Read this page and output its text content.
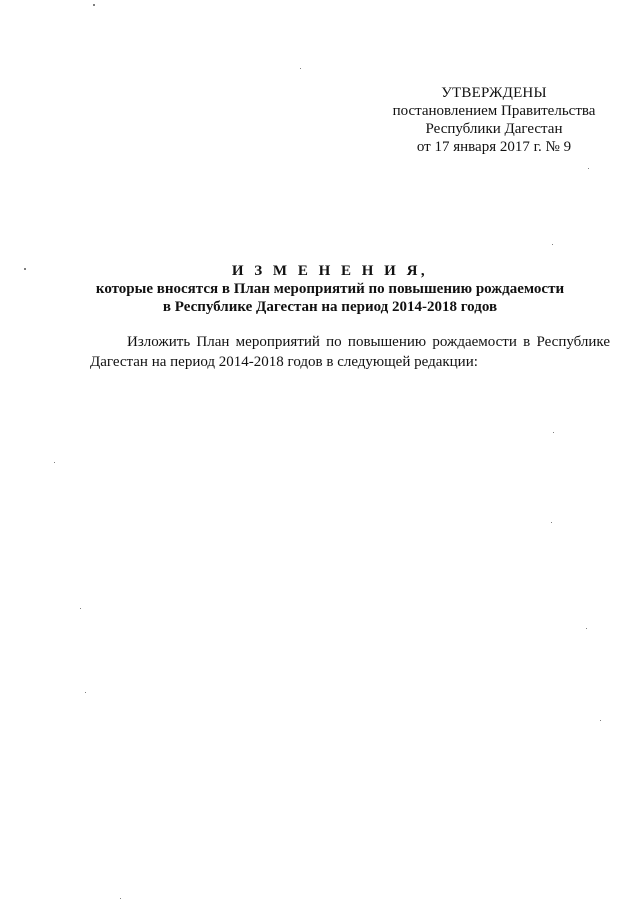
УТВЕРЖДЕНЫ
постановлением Правительства
Республики Дагестан
от 17 января 2017 г. № 9
И З М Е Н Е Н И Я,
которые вносятся в План мероприятий по повышению рождаемости
в Республике Дагестан на период 2014-2018 годов
Изложить План мероприятий по повышению рождаемости в Республике Дагестан на период 2014-2018 годов в следующей редакции:
